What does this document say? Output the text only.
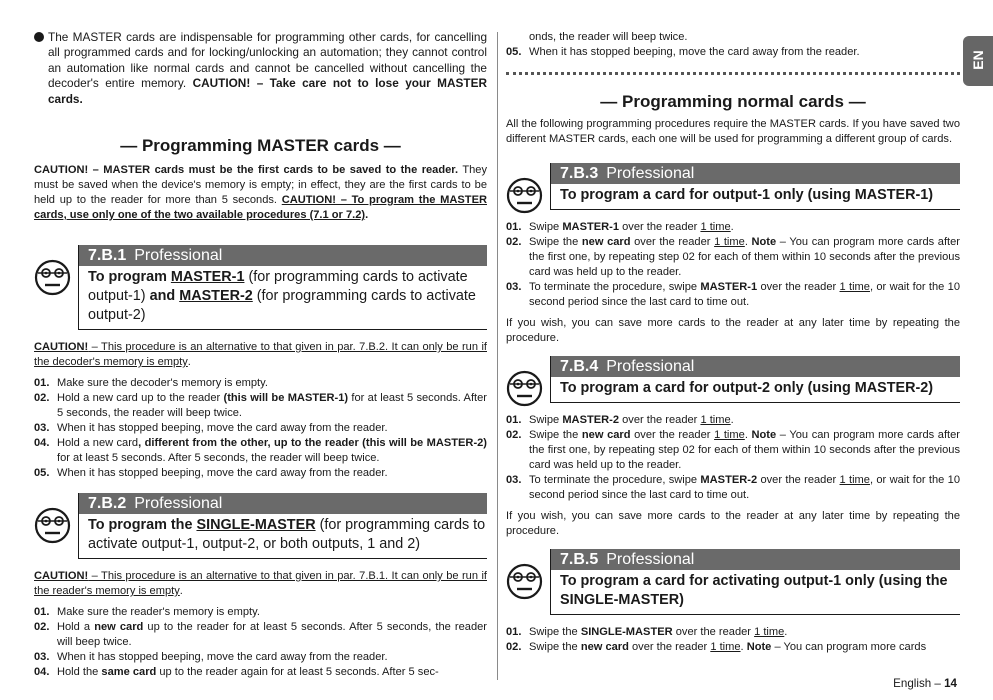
EN

The MASTER cards are indispensable for programming other cards, for cancelling all programmed cards and for locking/unlocking an automation; they cannot control an automation like normal cards and cannot be cancelled without cancelling the decoder's entire memory. CAUTION! – Take care not to lose your MASTER cards.

— Programming MASTER cards —

CAUTION! – MASTER cards must be the first cards to be saved to the reader. They must be saved when the device's memory is empty; in effect, they are the first cards to be held up to the reader for more than 5 seconds. CAUTION! – To program the MASTER cards, use only one of the two available procedures (7.1 or 7.2).

7.B.1 Professional
To program MASTER-1 (for programming cards to activate output-1) and MASTER-2 (for programming cards to activate output-2)

CAUTION! – This procedure is an alternative to that given in par. 7.B.2. It can only be run if the decoder's memory is empty.

01. Make sure the decoder's memory is empty.
02. Hold a new card up to the reader (this will be MASTER-1) for at least 5 seconds. After 5 seconds, the reader will beep twice.
03. When it has stopped beeping, move the card away from the reader.
04. Hold a new card, different from the other, up to the reader (this will be MASTER-2) for at least 5 seconds. After 5 seconds, the reader will beep twice.
05. When it has stopped beeping, move the card away from the reader.
7.B.2 Professional
To program the SINGLE-MASTER (for programming cards to activate output-1, output-2, or both outputs, 1 and 2)

CAUTION! – This procedure is an alternative to that given in par. 7.B.1. It can only be run if the reader's memory is empty.

01. Make sure the reader's memory is empty.
02. Hold a new card up to the reader for at least 5 seconds. After 5 seconds, the reader will beep twice.
03. When it has stopped beeping, move the card away from the reader.
04. Hold the same card up to the reader again for at least 5 seconds. After 5 sec-

onds, the reader will beep twice.

05. When it has stopped beeping, move the card away from the reader.
— Programming normal cards —

All the following programming procedures require the MASTER cards. If you have saved two different MASTER cards, each one will be used for programming a different group of cards.

7.B.3 Professional
To program a card for output-1 only (using MASTER-1)
01. Swipe MASTER-1 over the reader 1 time.
02. Swipe the new card over the reader 1 time. Note – You can program more cards after the first one, by repeating step 02 for each of them within 10 seconds after the previous card was held up to the reader.
03. To terminate the procedure, swipe MASTER-1 over the reader 1 time, or wait for the 10 second period since the last card to time out.

If you wish, you can save more cards to the reader at any later time by repeating the procedure.

7.B.4 Professional
To program a card for output-2 only (using MASTER-2)
01. Swipe MASTER-2 over the reader 1 time.
02. Swipe the new card over the reader 1 time. Note – You can program more cards after the first one, by repeating step 02 for each of them within 10 seconds after the previous card was held up to the reader.
03. To terminate the procedure, swipe MASTER-2 over the reader 1 time, or wait for the 10 second period since the last card to time out.

If you wish, you can save more cards to the reader at any later time by repeating the procedure.

7.B.5 Professional
To program a card for activating output-1 only (using the SINGLE-MASTER)
01. Swipe the SINGLE-MASTER over the reader 1 time.
02. Swipe the new card over the reader 1 time. Note – You can program more cards
English – 14
